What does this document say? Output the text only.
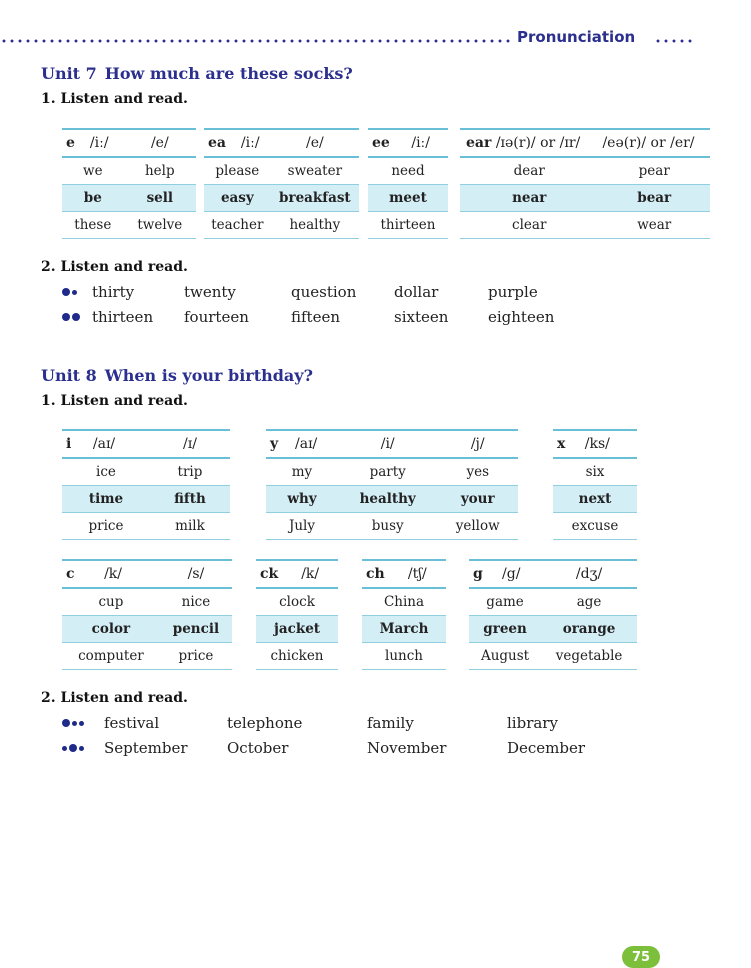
Pronunciation
Unit 7 How much are these socks?
1. Listen and read.
e	/iː/	/e/
we		help
be		sell
these		twelve
ea	/iː/	/e/
please		sweater
easy		breakfast
teacher		healthy
ee	/iː/
need
meet
thirteen
ear /ɪə(r)/ or /ɪr/	/eə(r)/ or /er/
dear	pear
near	bear
clear	wear
2. Listen and read.
thirty	twenty	question	dollar	purple
thirteen	fourteen	fifteen	sixteen	eighteen
Unit 8 When is your birthday?
1. Listen and read.
i	/aɪ/	/ɪ/
ice		trip
time		fifth
price		milk
y	/aɪ/	/i/	/j/
my		party	yes
why		healthy	your
July		busy	yellow
x	/ks/
six
next
excuse
c	/k/	/s/
cup		nice
color		pencil
computer		price
ck	/k/
clock
jacket
chicken
ch	/tʃ/
China
March
lunch
g	/g/	/dʒ/
game		age
green		orange
August		vegetable
2. Listen and read.
festival	telephone	family	library
September	October	November	December
75
